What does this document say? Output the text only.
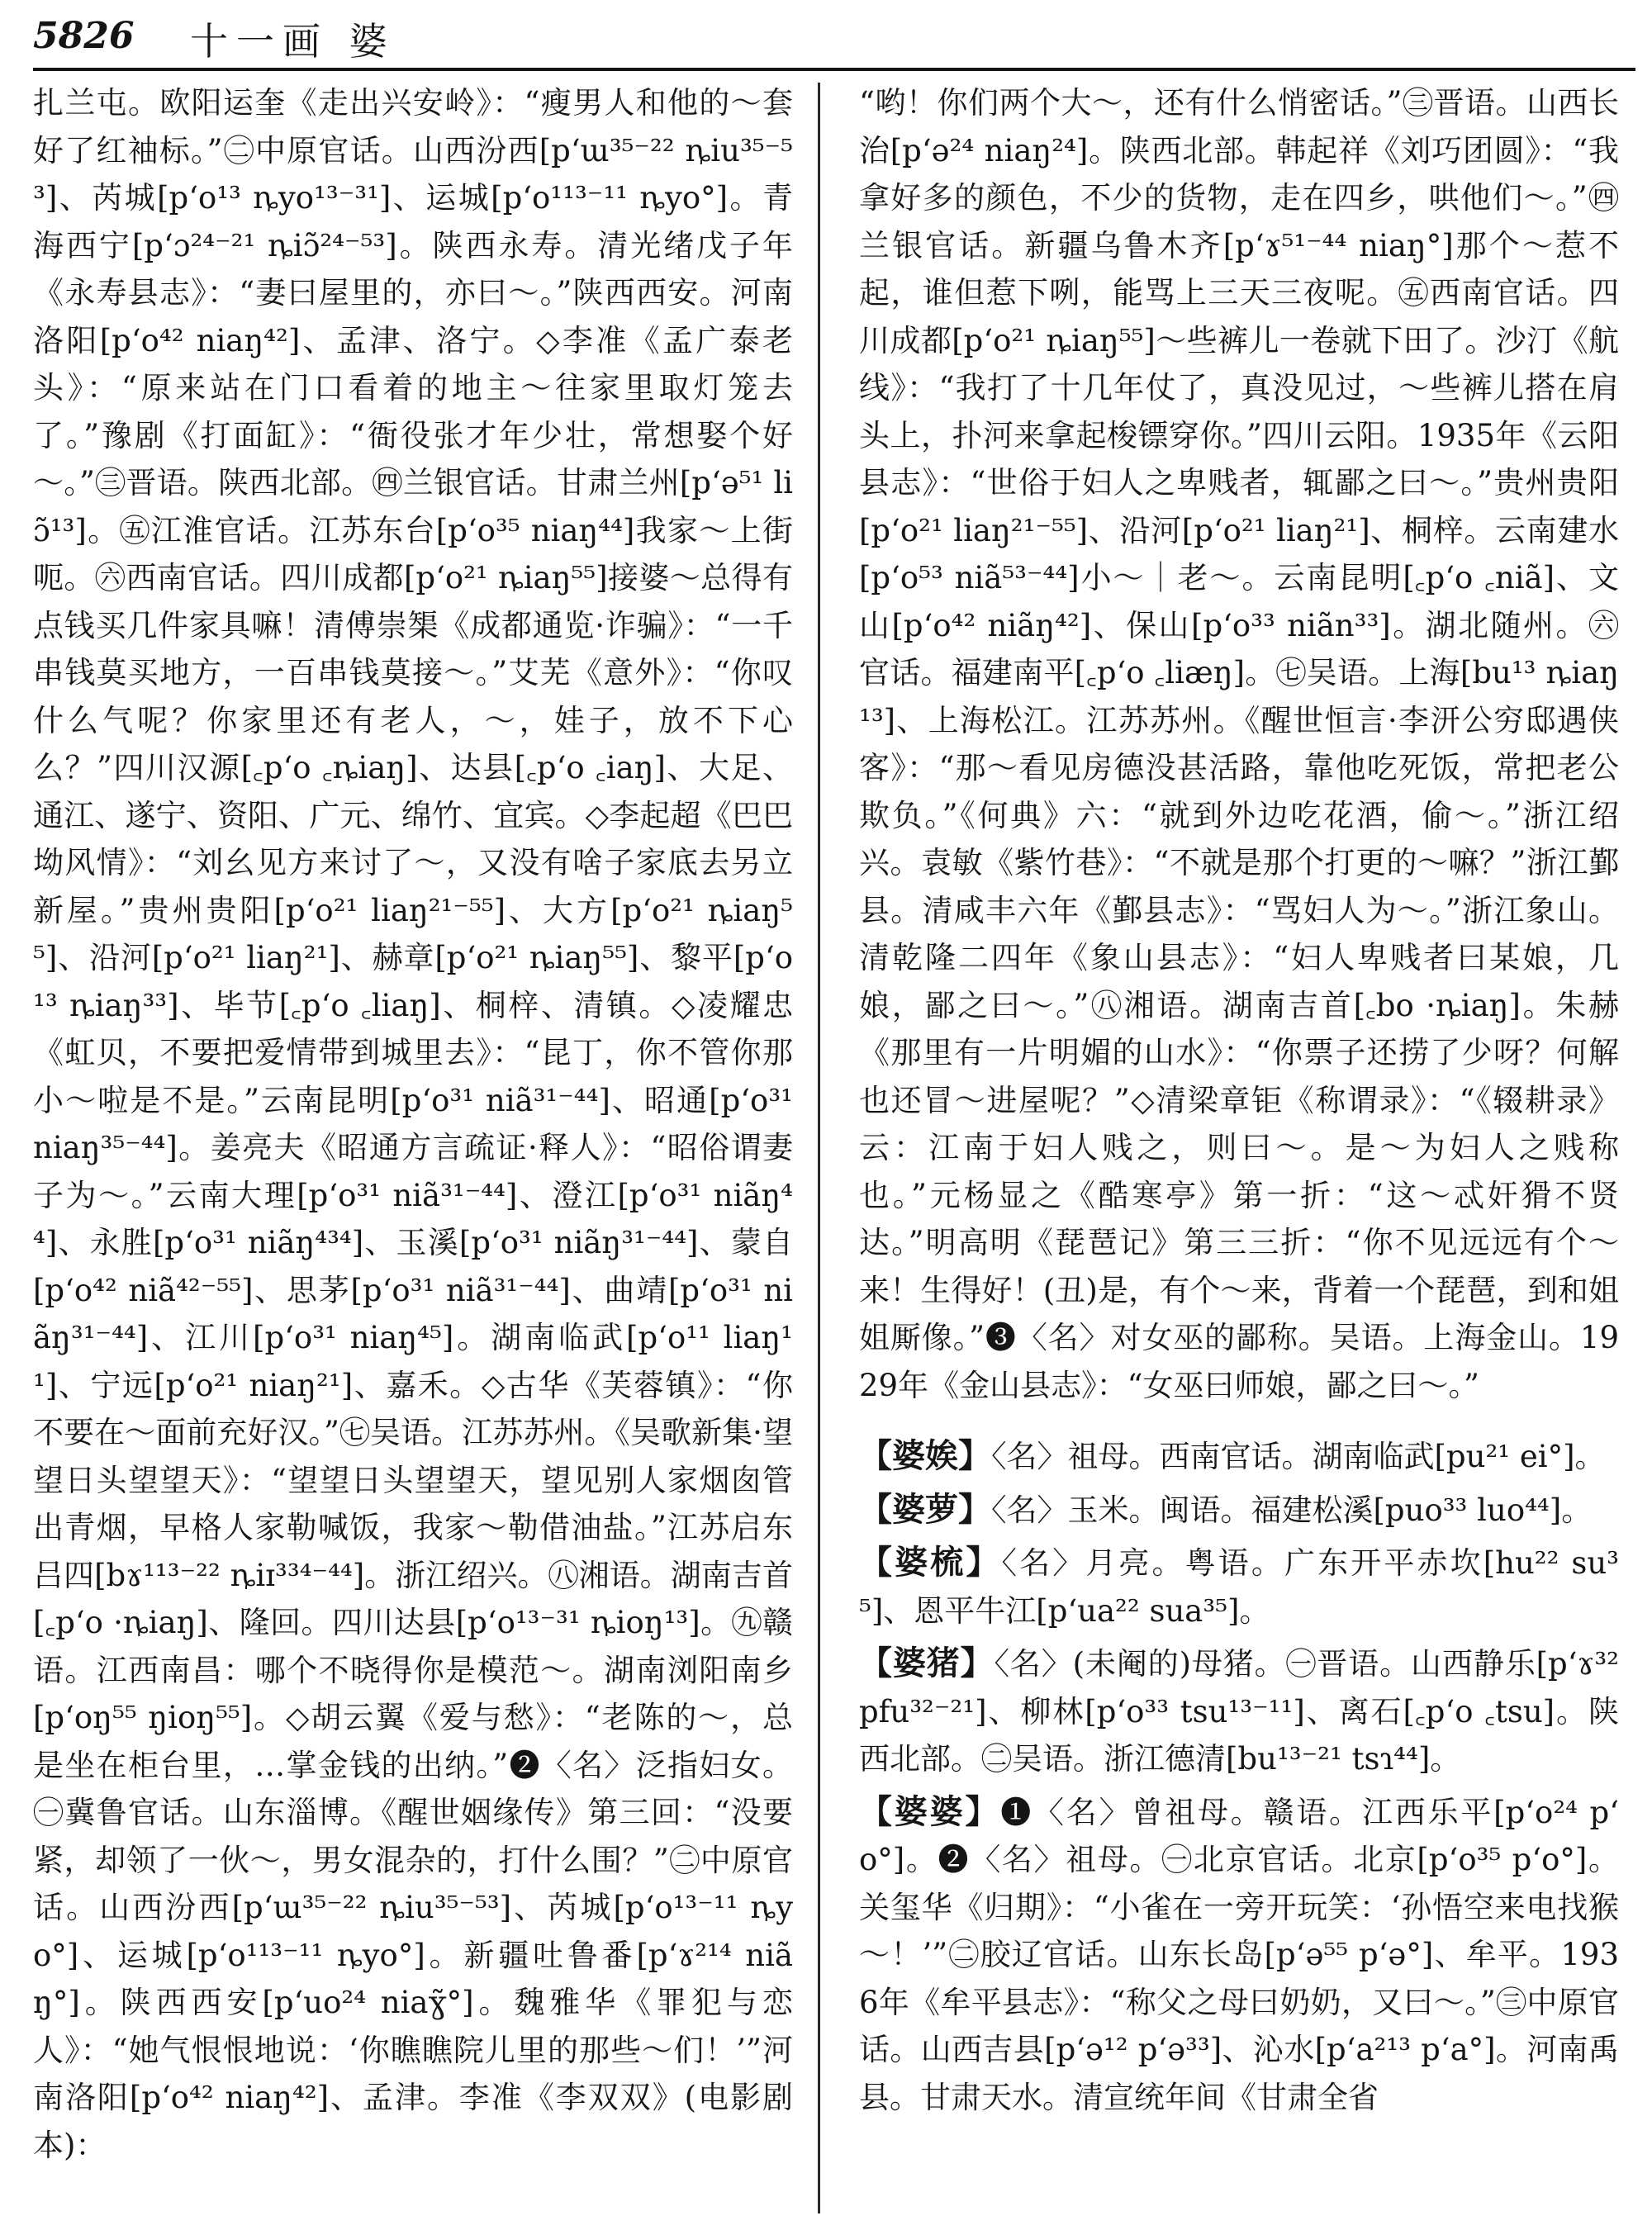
5826 十一画 婆

扎兰屯。欧阳运奎《走出兴安岭》：“瘦男人和他的～套好了红袖标。”㊁中原官话。山西汾西[pʻɯ³⁵⁻²² ȵiu³⁵⁻⁵³]、芮城[pʻo¹³ ȵyo¹³⁻³¹]、运城[pʻo¹¹³⁻¹¹ ȵyo°]。青海西宁[pʻɔ²⁴⁻²¹ ȵiɔ̃²⁴⁻⁵³]。陕西永寿。清光绪戊子年《永寿县志》：“妻曰屋里的，亦曰～。”陕西西安。河南洛阳[pʻo⁴² niaŋ⁴²]、孟津、洛宁。◇李准《孟广泰老头》：“原来站在门口看着的地主～往家里取灯笼去了。”豫剧《打面缸》：“衙役张才年少壮，常想娶个好～。”㊂晋语。陕西北部。㊃兰银官话。甘肃兰州[pʻə⁵¹ liɔ̃¹³]。㊄江淮官话。江苏东台[pʻo³⁵ niaŋ⁴⁴]我家～上街呃。㊅西南官话。四川成都[pʻo²¹ ȵiaŋ⁵⁵]接婆～总得有点钱买几件家具嘛！清傅崇榘《成都通览·诈骗》：“一千串钱莫买地方，一百串钱莫接～。”艾芜《意外》：“你叹什么气呢？你家里还有老人，～，娃子，放不下心么？”四川汉源[꜀pʻo ꜀ȵiaŋ]、达县[꜀pʻo ꜀iaŋ]、大足、通江、遂宁、资阳、广元、绵竹、宜宾。◇李起超《巴巴坳风情》：“刘幺见方来讨了～，又没有啥子家底去另立新屋。”贵州贵阳[pʻo²¹ liaŋ²¹⁻⁵⁵]、大方[pʻo²¹ ȵiaŋ⁵⁵]、沿河[pʻo²¹ liaŋ²¹]、赫章[pʻo²¹ ȵiaŋ⁵⁵]、黎平[pʻo¹³ ȵiaŋ³³]、毕节[꜀pʻo ꜀liaŋ]、桐梓、清镇。◇凌耀忠《虹贝，不要把爱情带到城里去》：“昆丁，你不管你那小～啦是不是。”云南昆明[pʻo³¹ niã³¹⁻⁴⁴]、昭通[pʻo³¹ niaŋ³⁵⁻⁴⁴]。姜亮夫《昭通方言疏证·释人》：“昭俗谓妻子为～。”云南大理[pʻo³¹ niã³¹⁻⁴⁴]、澄江[pʻo³¹ niãŋ⁴⁴]、永胜[pʻo³¹ niãŋ⁴³⁴]、玉溪[pʻo³¹ niãŋ³¹⁻⁴⁴]、蒙自[pʻo⁴² niã⁴²⁻⁵⁵]、思茅[pʻo³¹ niã³¹⁻⁴⁴]、曲靖[pʻo³¹ niãŋ³¹⁻⁴⁴]、江川[pʻo³¹ niaŋ⁴⁵]。湖南临武[pʻo¹¹ liaŋ¹¹]、宁远[pʻo²¹ niaŋ²¹]、嘉禾。◇古华《芙蓉镇》：“你不要在～面前充好汉。”㊆吴语。江苏苏州。《吴歌新集·望望日头望望天》：“望望日头望望天，望见别人家烟囱管出青烟，早格人家勒喊饭，我家～勒借油盐。”江苏启东吕四[bɤ¹¹³⁻²² ȵiɪ³³⁴⁻⁴⁴]。浙江绍兴。㊇湘语。湖南吉首[꜀pʻo ·ȵiaŋ]、隆回。四川达县[pʻo¹³⁻³¹ ȵioŋ¹³]。㊈赣语。江西南昌：哪个不晓得你是模范～。湖南浏阳南乡[pʻoŋ⁵⁵ ŋioŋ⁵⁵]。◇胡云翼《爱与愁》：“老陈的～，总是坐在柜台里，…掌金钱的出纳。”❷〈名〉泛指妇女。㊀冀鲁官话。山东淄博。《醒世姻缘传》第三回：“没要紧，却领了一伙～，男女混杂的，打什么围？”㊁中原官话。山西汾西[pʻɯ³⁵⁻²² ȵiu³⁵⁻⁵³]、芮城[pʻo¹³⁻¹¹ ȵyo°]、运城[pʻo¹¹³⁻¹¹ ȵyo°]。新疆吐鲁番[pʻɤ²¹⁴ niãŋ°]。陕西西安[pʻuo²⁴ niaɣ̃°]。魏雅华《罪犯与恋人》：“她气恨恨地说：‘你瞧瞧院儿里的那些～们！’”河南洛阳[pʻo⁴² niaŋ⁴²]、孟津。李准《李双双》(电影剧本)：

“哟！你们两个大～，还有什么悄密话。”㊂晋语。山西长治[pʻə²⁴ niaŋ²⁴]。陕西北部。韩起祥《刘巧团圆》：“我拿好多的颜色，不少的货物，走在四乡，哄他们～。”㊃兰银官话。新疆乌鲁木齐[pʻɤ⁵¹⁻⁴⁴ niaŋ°]那个～惹不起，谁但惹下咧，能骂上三天三夜呢。㊄西南官话。四川成都[pʻo²¹ ȵiaŋ⁵⁵]～些裤儿一卷就下田了。沙汀《航线》：“我打了十几年仗了，真没见过，～些裤儿搭在肩头上，扑河来拿起梭镖穿你。”四川云阳。1935年《云阳县志》：“世俗于妇人之卑贱者，辄鄙之曰～。”贵州贵阳[pʻo²¹ liaŋ²¹⁻⁵⁵]、沿河[pʻo²¹ liaŋ²¹]、桐梓。云南建水[pʻo⁵³ niã⁵³⁻⁴⁴]小～｜老～。云南昆明[꜀pʻo ꜀niã]、文山[pʻo⁴² niãŋ⁴²]、保山[pʻo³³ niãn³³]。湖北随州。㊅官话。福建南平[꜀pʻo ꜀liæŋ]。㊆吴语。上海[bu¹³ ȵiaŋ¹³]、上海松江。江苏苏州。《醒世恒言·李汧公穷邸遇侠客》：“那～看见房德没甚活路，靠他吃死饭，常把老公欺负。”《何典》六：“就到外边吃花酒，偷～。”浙江绍兴。袁敏《紫竹巷》：“不就是那个打更的～嘛？”浙江鄞县。清咸丰六年《鄞县志》：“骂妇人为～。”浙江象山。清乾隆二四年《象山县志》：“妇人卑贱者曰某娘，几娘，鄙之曰～。”㊇湘语。湖南吉首[꜀bo ·ȵiaŋ]。朱赫《那里有一片明媚的山水》：“你票子还捞了少呀？何解也还冒～进屋呢？”◇清梁章钜《称谓录》：“《辍耕录》云：江南于妇人贱之，则曰～。是～为妇人之贱称也。”元杨显之《酷寒亭》第一折：“这～忒奸猾不贤达。”明高明《琵琶记》第三三折：“你不见远远有个～来！生得好！(丑)是，有个～来，背着一个琵琶，到和姐姐厮像。”❸〈名〉对女巫的鄙称。吴语。上海金山。1929年《金山县志》：“女巫曰师娘，鄙之曰～。”

【婆娭】〈名〉祖母。西南官话。湖南临武[pu²¹ ei°]。

【婆萝】〈名〉玉米。闽语。福建松溪[puo³³ luo⁴⁴]。

【婆梳】〈名〉月亮。粤语。广东开平赤坎[hu²² su³⁵]、恩平牛江[pʻua²² sua³⁵]。

【婆猪】〈名〉(未阉的)母猪。㊀晋语。山西静乐[pʻɤ³² pfu³²⁻²¹]、柳林[pʻo³³ tsu¹³⁻¹¹]、离石[꜀pʻo ꜀tsu]。陕西北部。㊁吴语。浙江德清[bu¹³⁻²¹ tsɿ⁴⁴]。

【婆婆】❶〈名〉曾祖母。赣语。江西乐平[pʻo²⁴ pʻo°]。❷〈名〉祖母。㊀北京官话。北京[pʻo³⁵ pʻo°]。关玺华《归期》：“小雀在一旁开玩笑：‘孙悟空来电找猴～！’”㊁胶辽官话。山东长岛[pʻə⁵⁵ pʻə°]、牟平。1936年《牟平县志》：“称父之母曰奶奶，又曰～。”㊂中原官话。山西吉县[pʻə¹² pʻə³³]、沁水[pʻa²¹³ pʻa°]。河南禹县。甘肃天水。清宣统年间《甘肃全省
